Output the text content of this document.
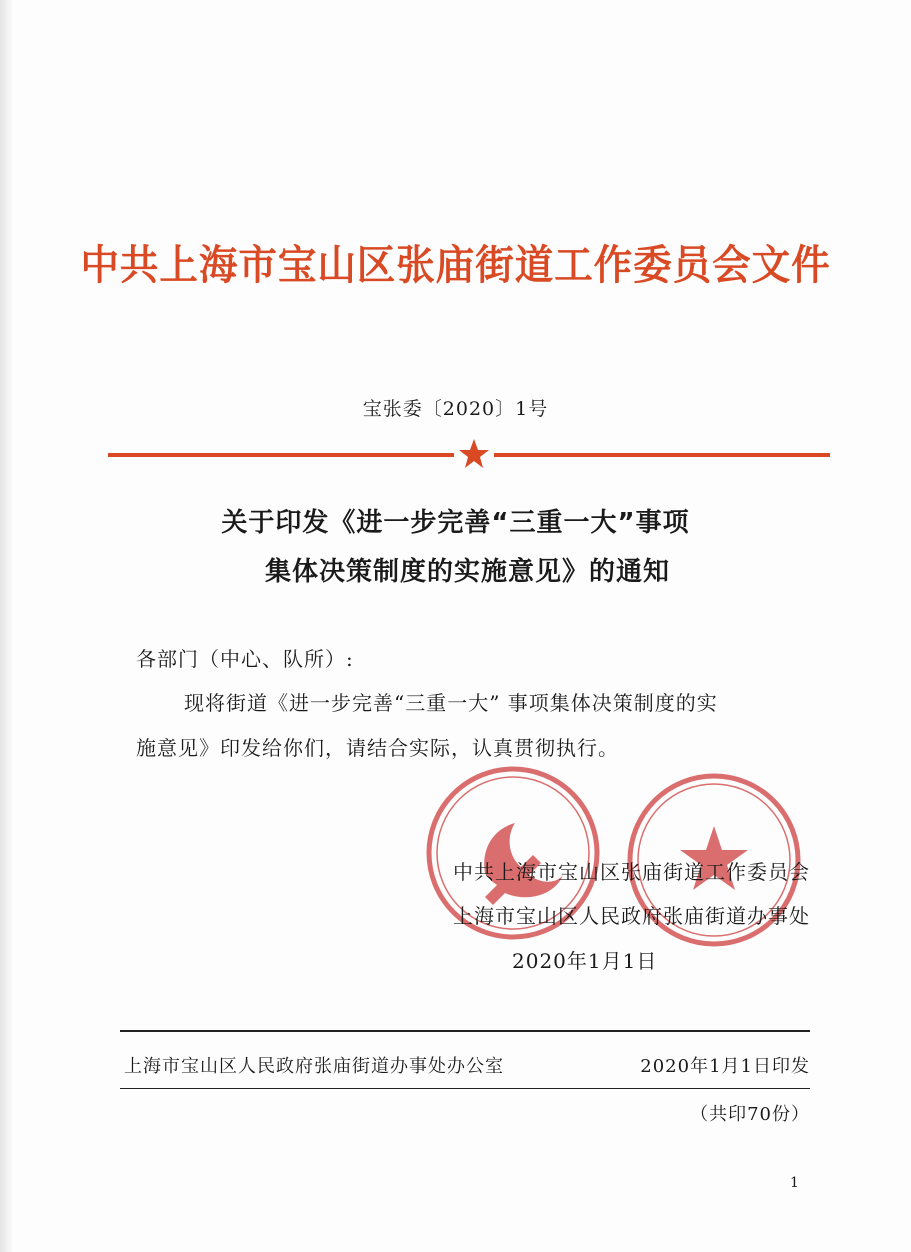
中共上海市宝山区张庙街道工作委员会文件
宝张委〔2020〕1号
关于印发《进一步完善“三重一大”事项
集体决策制度的实施意见》的通知
各部门（中心、队所）:
现将街道《进一步完善“三重一大” 事项集体决策制度的实
施意见》印发给你们，请结合实际，认真贯彻执行。
中共上海市宝山区张庙街道工作委员会
上海市宝山区人民政府张庙街道办事处
2020年1月1日
上海市宝山区人民政府张庙街道办事处办公室	2020年1月1日印发
（共印70份）
1
